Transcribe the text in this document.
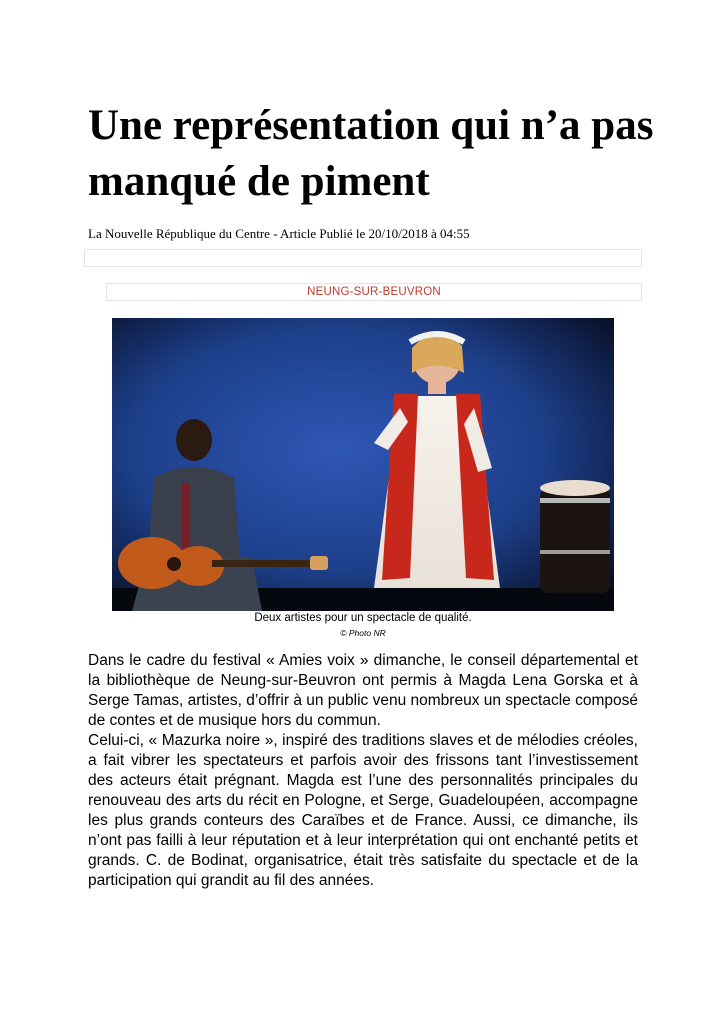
Une représentation qui n’a pas manqué de piment
La Nouvelle République du Centre - Article Publié le 20/10/2018 à 04:55
NEUNG-SUR-BEUVRON
Deux artistes pour un spectacle de qualité.
© Photo NR

Dans le cadre du festival « Amies voix » dimanche, le conseil départemental et la bibliothèque de Neung-sur-Beuvron ont permis à Magda Lena Gorska et à Serge Tamas, artistes, d’offrir à un public venu nombreux un spectacle composé de contes et de musique hors du commun.

Celui-ci, « Mazurka noire », inspiré des traditions slaves et de mélodies créoles, a fait vibrer les spectateurs et parfois avoir des frissons tant l’investissement des acteurs était prégnant. Magda est l’une des personnalités principales du renouveau des arts du récit en Pologne, et Serge, Guadeloupéen, accompagne les plus grands conteurs des Caraïbes et de France. Aussi, ce dimanche, ils n’ont pas failli à leur réputation et à leur interprétation qui ont enchanté petits et grands. C. de Bodinat, organisatrice, était très satisfaite du spectacle et de la participation qui grandit au fil des années.
